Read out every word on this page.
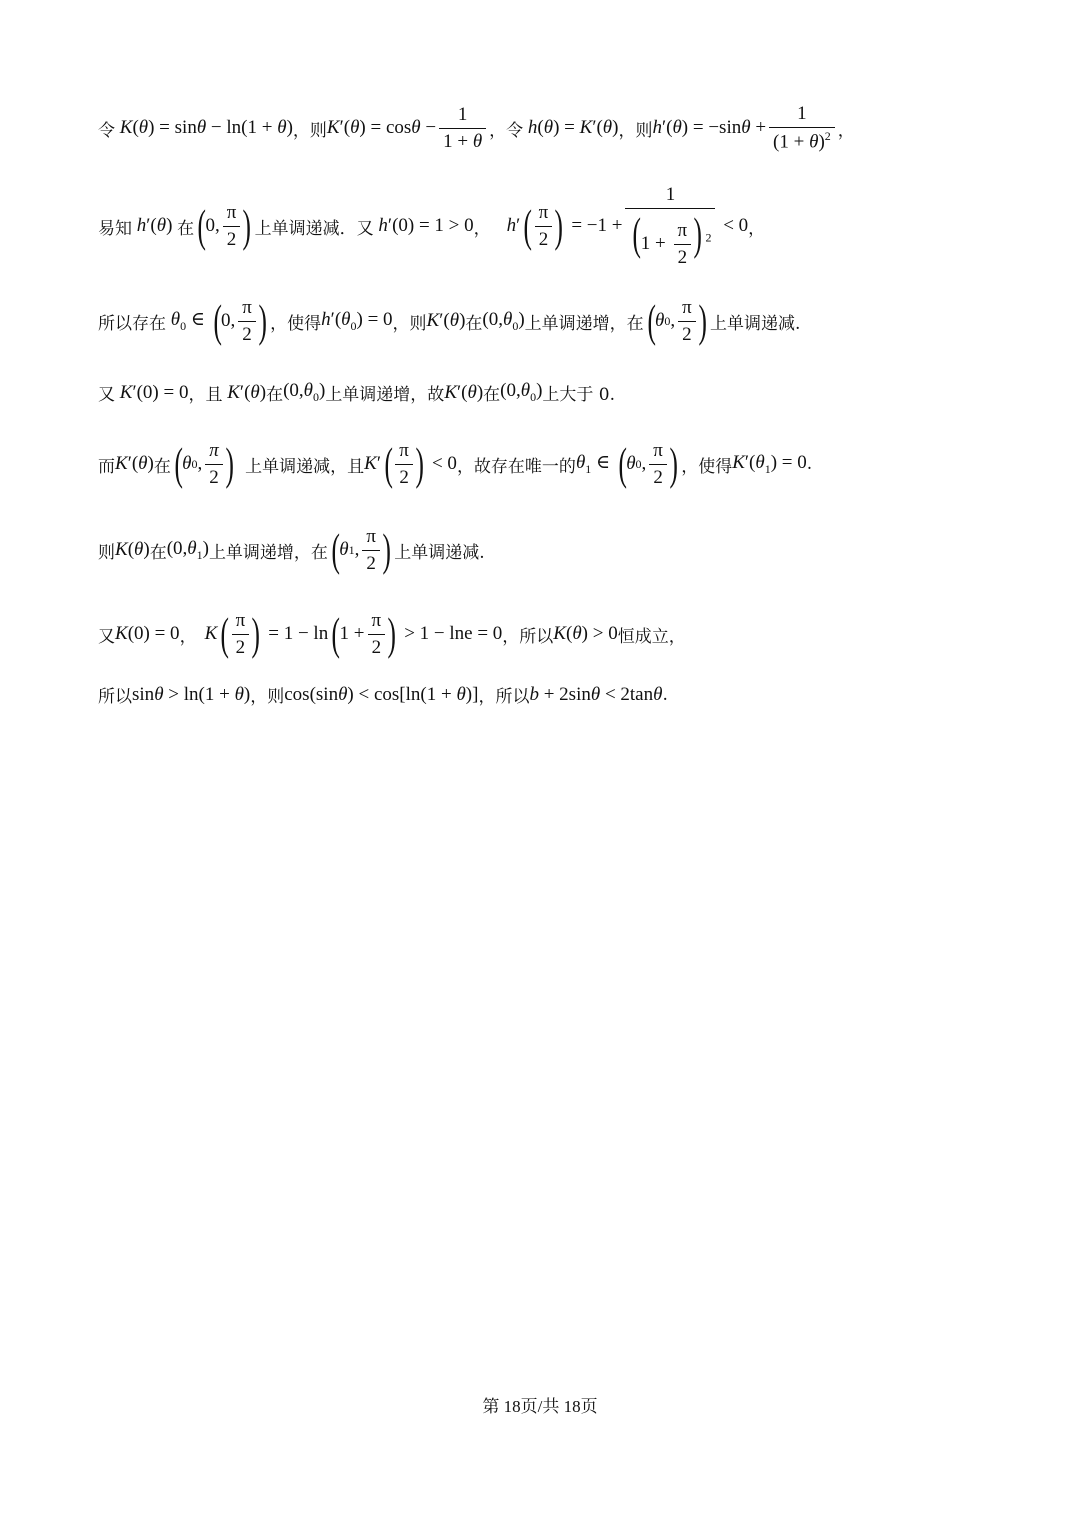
令 K(θ) = sinθ − ln(1 + θ) ，则 $K'(\theta) = \cos\theta - \frac{1}{1 + \theta}$ ，令 h(θ) = K′(θ) ，则 $h'(\theta) = -\sin\theta + \frac{1}{(1 + \theta)^2}$ ，
易知 h′(θ) 在 ( 0, $\frac{\pi}{2}$ ) 上单调递减．又 h′(0) = 1 > 0 ， h′ ( $\frac{\pi}{2}$ ) = $-1 + \frac{1}{(1 + \frac{\pi}{2} ) ^2} < 0$ ，
所以存在 $\theta_0$ ∈ ( 0, $\frac{\pi}{2}$ ) ，使得 $h'(\theta_0) = 0$ ，则 K′(θ) 在 $(0,\theta_0)$ 上单调递增，在 ( θ 0 , $\frac{\pi}{2}$ ) 上单调递减.
又 K′(0) = 0 ，且 K′(θ) 在 $(0,\theta_0)$ 上单调递增，故 K′(θ) 在 $(0,\theta_0)$ 上大于 0.
而 K′(θ) 在 ( θ 0 , $\frac{\pi}{2}$ ) 上单调递减，且 K′ ( $\frac{\pi}{2}$ ) < 0 ，故存在唯一的 $\theta_1$ ∈ ( θ 0 , $\frac{\pi}{2}$ ) ，使得 $K'(\theta_1) = 0$ .
则 K(θ) 在 $(0,\theta_1)$ 上单调递增，在 ( θ 1 , $\frac{\pi}{2}$ ) 上单调递减.
又 K(0) = 0 ， K ( $\frac{\pi}{2}$ ) = 1 − ln ( $1 + \frac{\pi}{2}$ ) > 1 − lne = 0 ，所以 K(θ) > 0 恒成立，
所以 sinθ > ln(1 + θ) ，则 cos(sinθ) < cos[ln(1 + θ)] ，所以 b + 2sinθ < 2tanθ .
第 18页/共 18页
